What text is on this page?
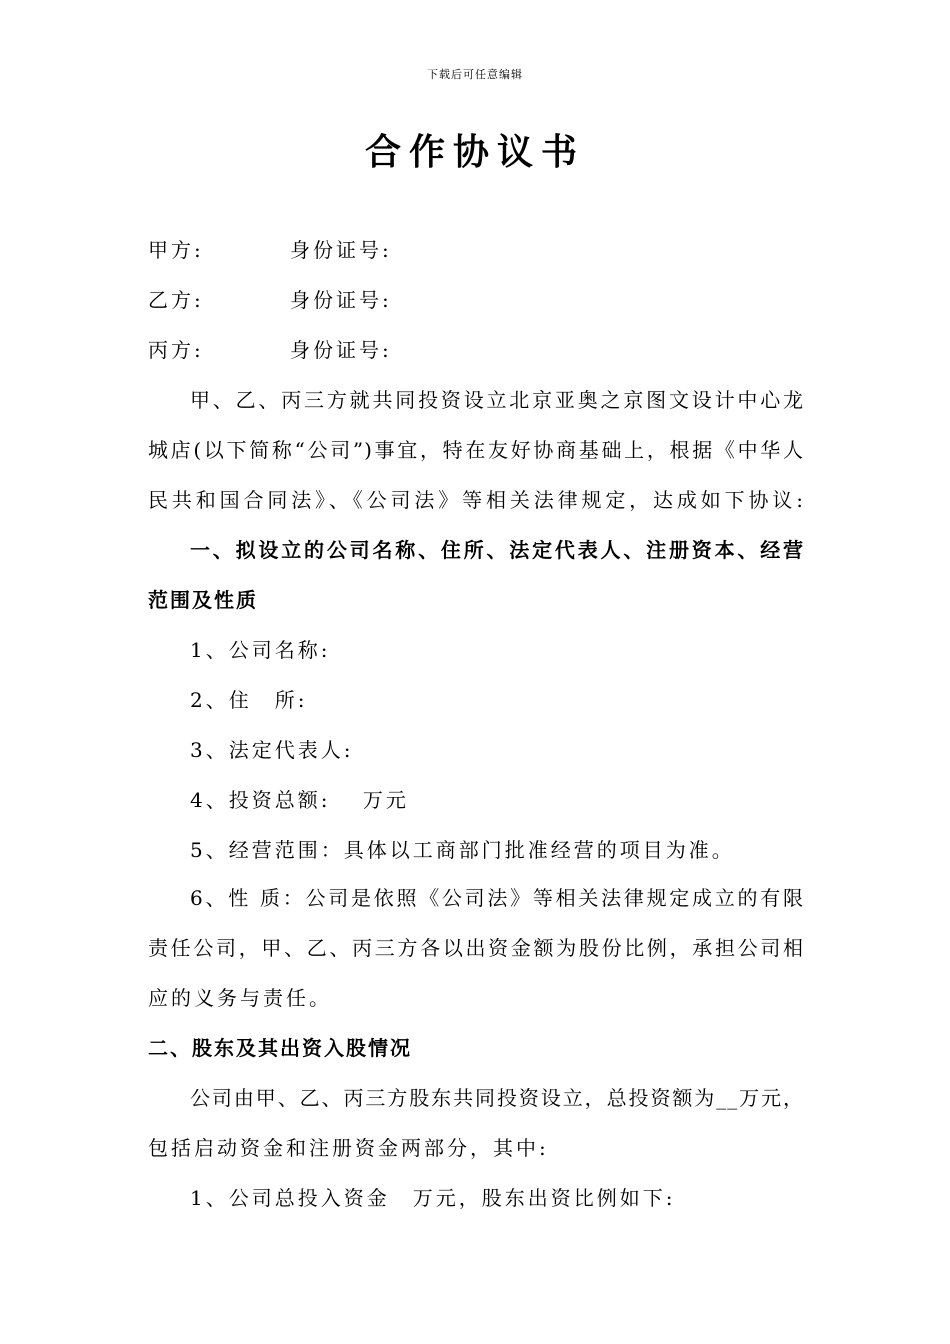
下载后可任意编辑
合作协议书
甲方:	身份证号:
乙方:	身份证号:
丙方:	身份证号:
甲、乙、丙三方就共同投资设立北京亚奥之京图文设计中心龙
城店(以下简称“公司”)事宜，特在友好协商基础上，根据《中华人
民共和国合同法》、《公司法》等相关法律规定，达成如下协议:
一、拟设立的公司名称、住所、法定代表人、注册资本、经营
范围及性质
1、公司名称:
2、住　所:
3、法定代表人:
4、投资总额:　 万元
5、经营范围：具体以工商部门批准经营的项目为准。
6、性 质：公司是依照《公司法》等相关法律规定成立的有限
责任公司，甲、乙、丙三方各以出资金额为股份比例，承担公司相
应的义务与责任。
二、股东及其出资入股情况
公司由甲、乙、丙三方股东共同投资设立，总投资额为__万元，
包括启动资金和注册资金两部分，其中:
1、公司总投入资金　万元，股东出资比例如下:
